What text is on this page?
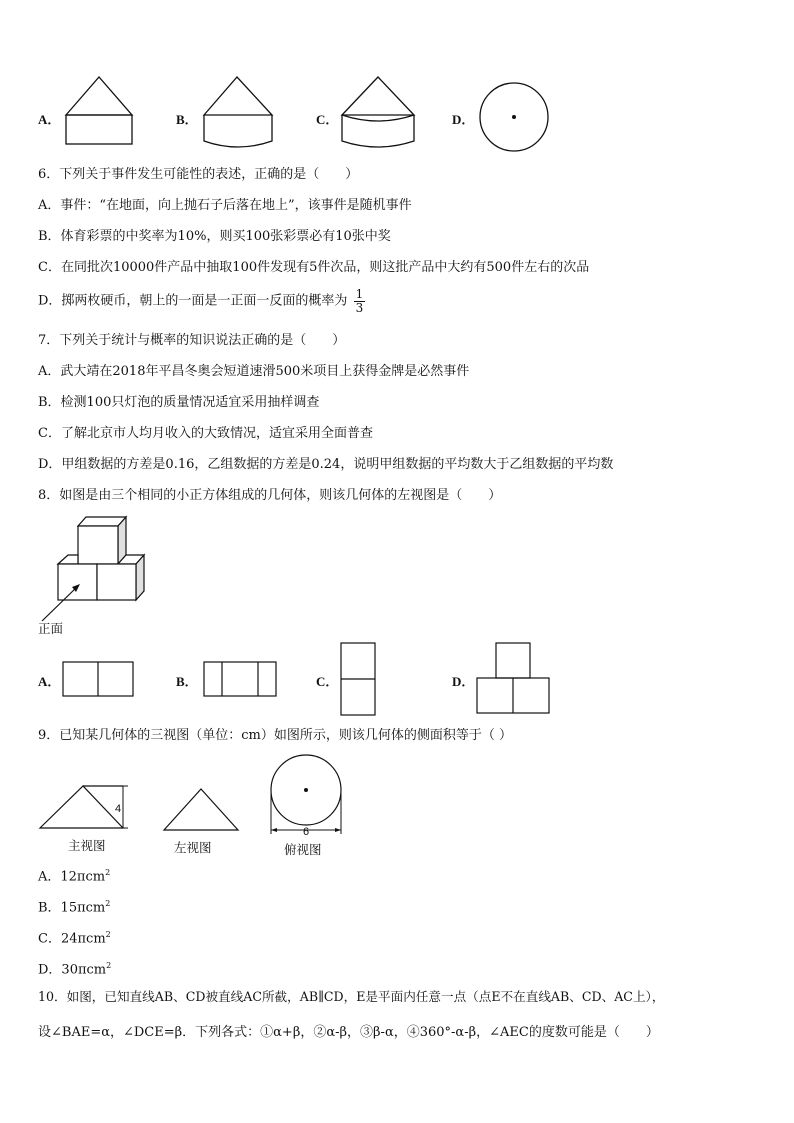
A．	B．	C．	D．
6．下列关于事件发生可能性的表述，正确的是（　　）
A．事件：“在地面，向上抛石子后落在地上”，该事件是随机事件
B．体育彩票的中奖率为10%，则买100张彩票必有10张中奖
C．在同批次10000件产品中抽取100件发现有5件次品，则这批产品中大约有500件左右的次品
D．掷两枚硬币，朝上的一面是一正面一反面的概率为 $\frac{1}{3}$
7．下列关于统计与概率的知识说法正确的是（　　）
A．武大靖在2018年平昌冬奥会短道速滑500米项目上获得金牌是必然事件
B．检测100只灯泡的质量情况适宜采用抽样调查
C．了解北京市人均月收入的大致情况，适宜采用全面普查
D．甲组数据的方差是0.16，乙组数据的方差是0.24，说明甲组数据的平均数大于乙组数据的平均数
8．如图是由三个相同的小正方体组成的几何体，则该几何体的左视图是（　　）
正面
A．	B．	C．	D．
9．已知某几何体的三视图（单位：cm）如图所示，则该几何体的侧面积等于（ ）
4
主视图	左视图
6
俯视图
A．12πcm$^2$
B．15πcm$^2$
C．24πcm$^2$
D．30πcm$^2$
10．如图，已知直线AB、CD被直线AC所截，AB∥CD，E是平面内任意一点（点E不在直线AB、CD、AC上），
设∠BAE=α，∠DCE=β．下列各式：①α+β，②α-β，③β-α，④360°-α-β，∠AEC的度数可能是（　　）
